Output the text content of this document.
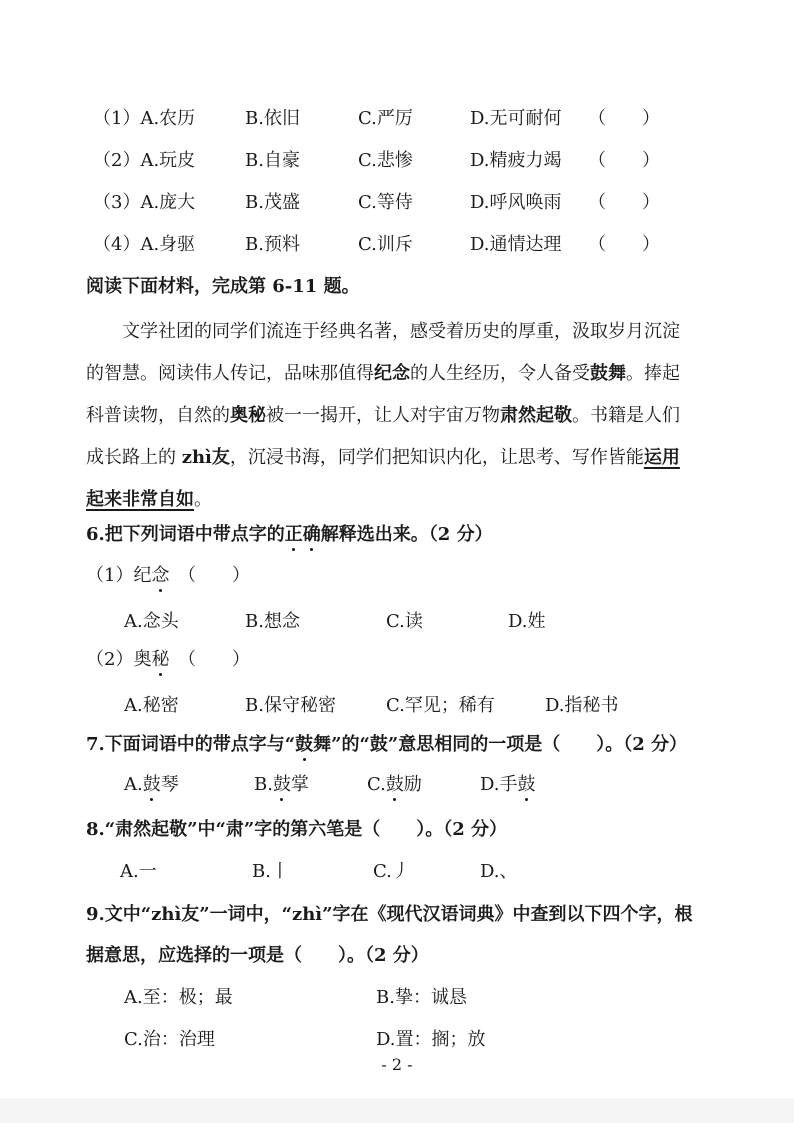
（1）A.农历	B.依旧	C.严厉	D.无可耐何 （　　）
（2）A.玩皮	B.自豪	C.悲惨	D.精疲力竭 （　　）
（3）A.庞大	B.茂盛	C.等侍	D.呼风唤雨 （　　）
（4）A.身驱	B.预料	C.训斥	D.通情达理 （　　）
阅读下面材料，完成第 6-11 题。
文学社团的同学们流连于经典名著，感受着历史的厚重，汲取岁月沉淀
的智慧。阅读伟人传记，品味那值得纪念的人生经历，令人备受鼓舞。捧起
科普读物，自然的奥秘被一一揭开，让人对宇宙万物肃然起敬。书籍是人们
成长路上的 zhì友，沉浸书海，同学们把知识内化，让思考、写作皆能运用
起来非常自如。
6.把下列词语中带点字的正确解释选出来。（2 分）
（1）纪念 （　　）
A.念头	B.想念	C.读	D.姓
（2）奥秘 （　　）
A.秘密	B.保守秘密	C.罕见；稀有	D.指秘书
7.下面词语中的带点字与“鼓舞”的“鼓”意思相同的一项是（　　）。（2 分）
A.鼓琴	B.鼓掌	C.鼓励	D.手鼓
8.“肃然起敬”中“肃”字的第六笔是（　　）。（2 分）
A.一	B.丨	C.丿	D.、
9.文中“zhì友”一词中，“zhì”字在《现代汉语词典》中查到以下四个字，根
据意思，应选择的一项是（　　）。（2 分）
A.至：极；最	B.挚：诚恳
C.治：治理	D.置：搁；放
- 2 -
